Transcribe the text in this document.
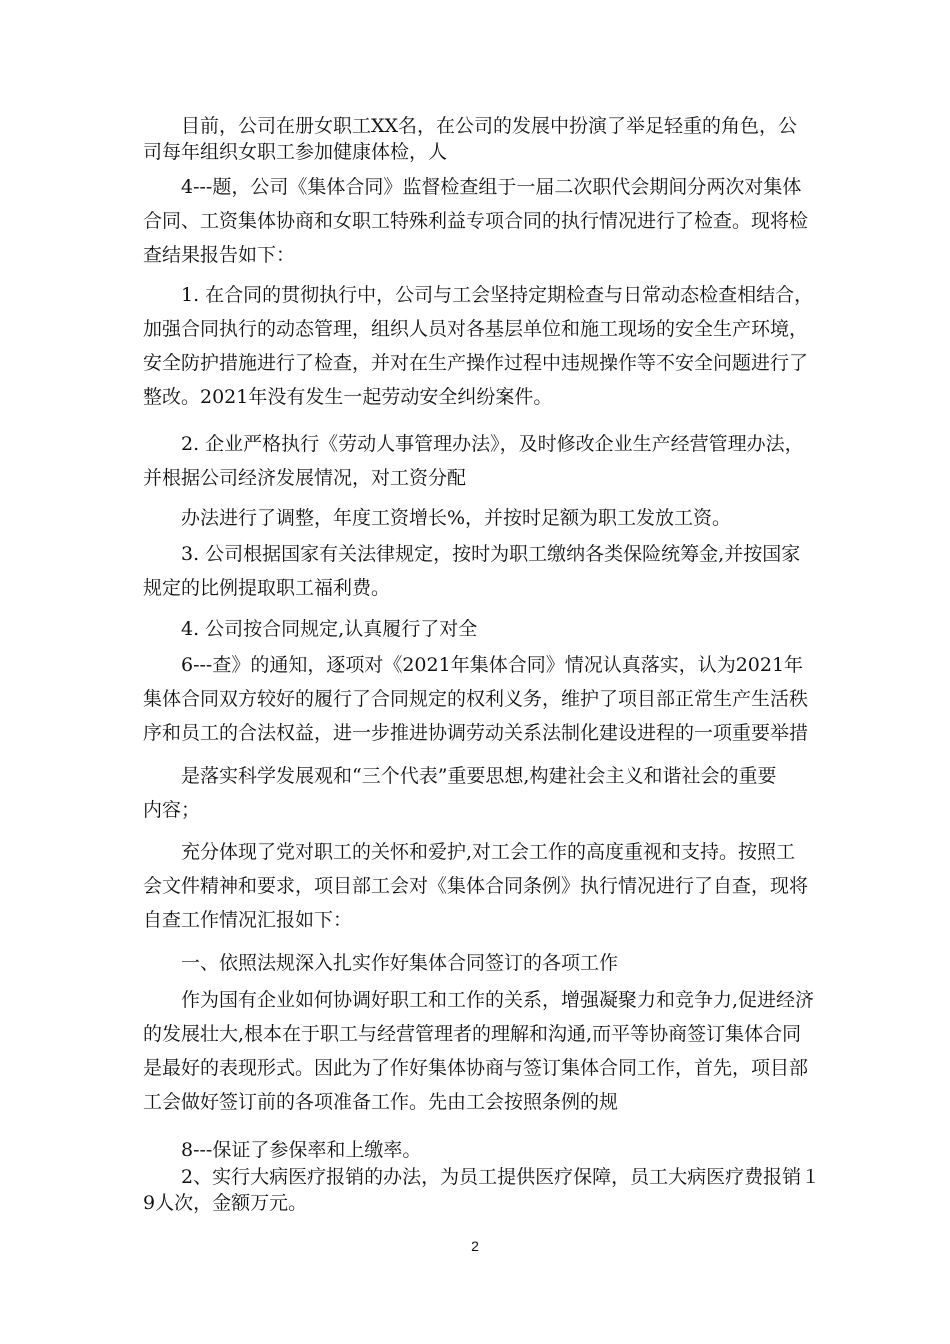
目前，公司在册女职工XX名，在公司的发展中扮演了举足轻重的角色，公
司每年组织女职工参加健康体检，人
4---题，公司《集体合同》监督检查组于一届二次职代会期间分两次对集体
合同、工资集体协商和女职工特殊利益专项合同的执行情况进行了检查。现将检
查结果报告如下：
1. 在合同的贯彻执行中，公司与工会坚持定期检查与日常动态检查相结合，
加强合同执行的动态管理，组织人员对各基层单位和施工现场的安全生产环境，
安全防护措施进行了检查，并对在生产操作过程中违规操作等不安全问题进行了
整改。2021年没有发生一起劳动安全纠纷案件。
2. 企业严格执行《劳动人事管理办法》，及时修改企业生产经营管理办法，
并根据公司经济发展情况，对工资分配
办法进行了调整，年度工资增长%，并按时足额为职工发放工资。
3. 公司根据国家有关法律规定，按时为职工缴纳各类保险统筹金,并按国家
规定的比例提取职工福利费。
4. 公司按合同规定,认真履行了对全
6---查》的通知，逐项对《2021年集体合同》情况认真落实，认为2021年
集体合同双方较好的履行了合同规定的权利义务，维护了项目部正常生产生活秩
序和员工的合法权益，进一步推进协调劳动关系法制化建设进程的一项重要举措
是落实科学发展观和“三个代表”重要思想,构建社会主义和谐社会的重要
内容；
充分体现了党对职工的关怀和爱护,对工会工作的高度重视和支持。按照工
会文件精神和要求，项目部工会对《集体合同条例》执行情况进行了自查，现将
自查工作情况汇报如下：
一、依照法规深入扎实作好集体合同签订的各项工作
作为国有企业如何协调好职工和工作的关系，增强凝聚力和竞争力,促进经济
的发展壮大,根本在于职工与经营管理者的理解和沟通,而平等协商签订集体合同
是最好的表现形式。因此为了作好集体协商与签订集体合同工作，首先，项目部
工会做好签订前的各项准备工作。先由工会按照条例的规
8---保证了参保率和上缴率。
2、实行大病医疗报销的办法，为员工提供医疗保障，员工大病医疗费报销１
9人次，金额万元。
2
